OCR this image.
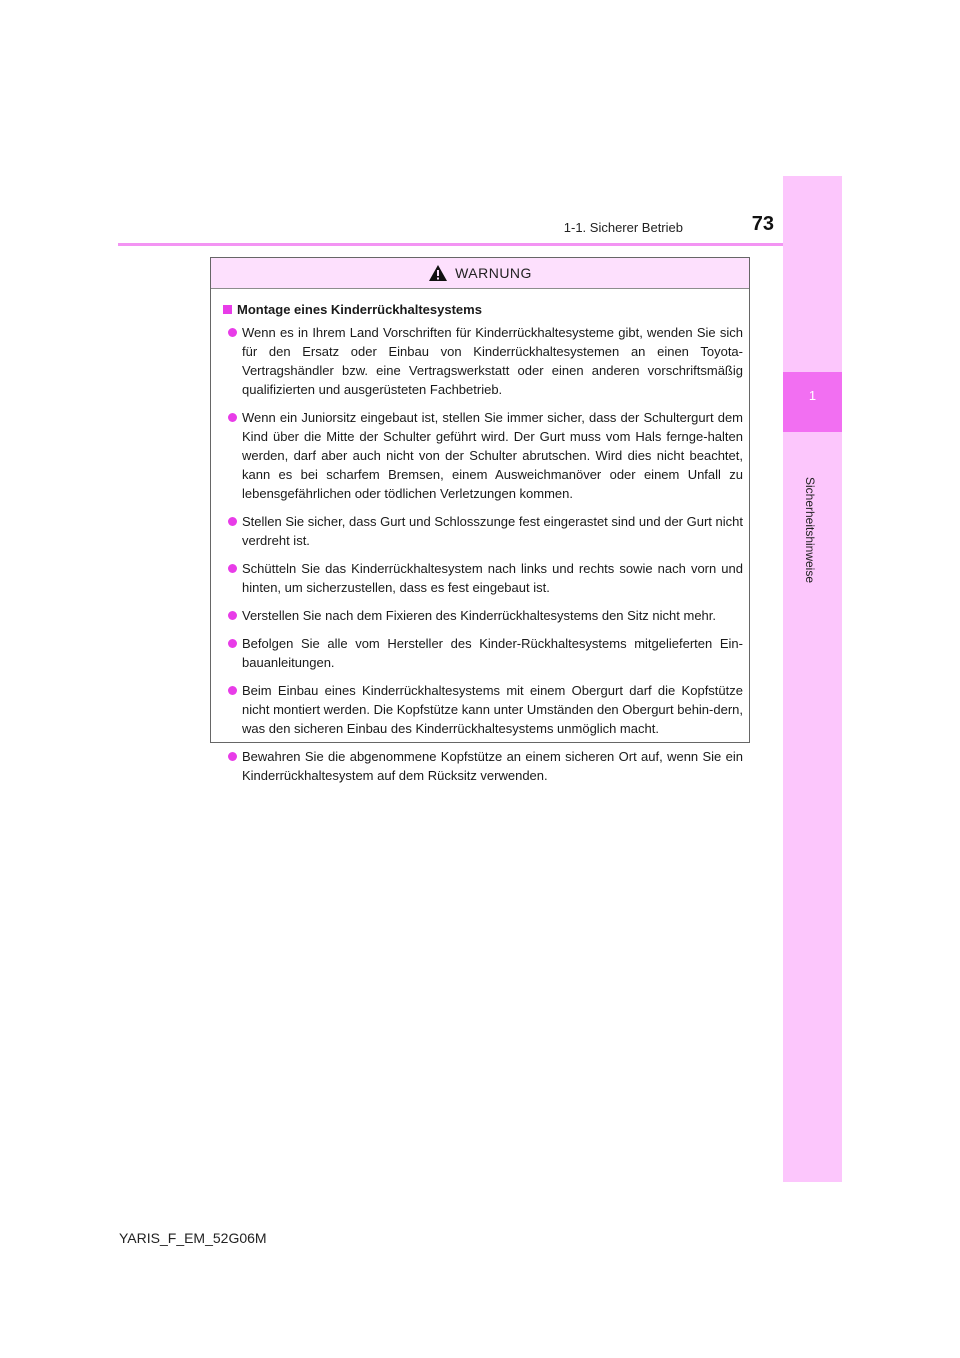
1
Sicherheitshinweise
73
1-1. Sicherer Betrieb
WARNUNG
Montage eines Kinderrückhaltesystems
Wenn es in Ihrem Land Vorschriften für Kinderrückhaltesysteme gibt, wenden Sie sich für den Ersatz oder Einbau von Kinderrückhaltesystemen an einen Toyota-Vertragshändler bzw. eine Vertragswerkstatt oder einen anderen vorschriftsmäßig qualifizierten und ausgerüsteten Fachbetrieb.
Wenn ein Juniorsitz eingebaut ist, stellen Sie immer sicher, dass der Schultergurt dem Kind über die Mitte der Schulter geführt wird. Der Gurt muss vom Hals fernge-halten werden, darf aber auch nicht von der Schulter abrutschen. Wird dies nicht beachtet, kann es bei scharfem Bremsen, einem Ausweichmanöver oder einem Unfall zu lebensgefährlichen oder tödlichen Verletzungen kommen.
Stellen Sie sicher, dass Gurt und Schlosszunge fest eingerastet sind und der Gurt nicht verdreht ist.
Schütteln Sie das Kinderrückhaltesystem nach links und rechts sowie nach vorn und hinten, um sicherzustellen, dass es fest eingebaut ist.
Verstellen Sie nach dem Fixieren des Kinderrückhaltesystems den Sitz nicht mehr.
Befolgen Sie alle vom Hersteller des Kinder-Rückhaltesystems mitgelieferten Ein-bauanleitungen.
Beim Einbau eines Kinderrückhaltesystems mit einem Obergurt darf die Kopfstütze nicht montiert werden. Die Kopfstütze kann unter Umständen den Obergurt behin-dern, was den sicheren Einbau des Kinderrückhaltesystems unmöglich macht.
Bewahren Sie die abgenommene Kopfstütze an einem sicheren Ort auf, wenn Sie ein Kinderrückhaltesystem auf dem Rücksitz verwenden.
YARIS_F_EM_52G06M
